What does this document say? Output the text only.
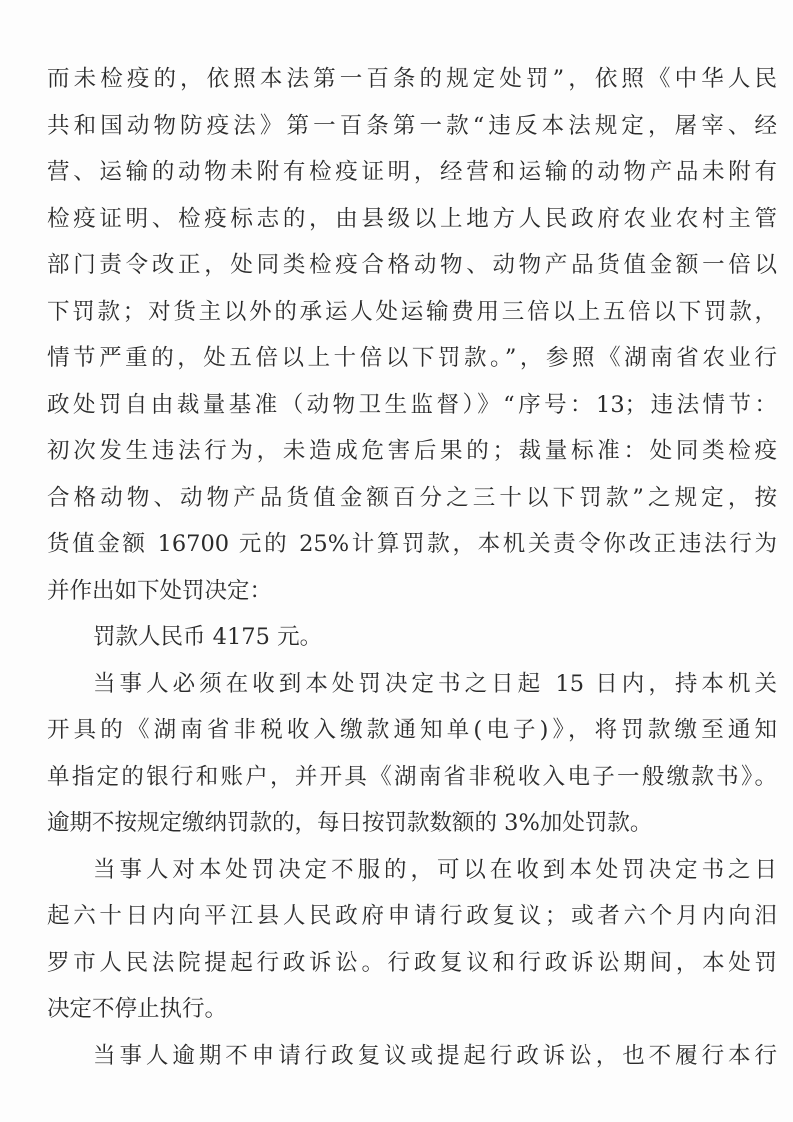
而未检疫的，依照本法第一百条的规定处罚”，依照《中华人民
共和国动物防疫法》第一百条第一款“违反本法规定，屠宰、经
营、运输的动物未附有检疫证明，经营和运输的动物产品未附有
检疫证明、检疫标志的，由县级以上地方人民政府农业农村主管
部门责令改正，处同类检疫合格动物、动物产品货值金额一倍以
下罚款；对货主以外的承运人处运输费用三倍以上五倍以下罚款，
情节严重的，处五倍以上十倍以下罚款。”，参照《湖南省农业行
政处罚自由裁量基准（动物卫生监督）》“序号：13；违法情节：
初次发生违法行为，未造成危害后果的；裁量标准：处同类检疫
合格动物、动物产品货值金额百分之三十以下罚款”之规定，按
货值金额 16700 元的 25%计算罚款，本机关责令你改正违法行为
并作出如下处罚决定：
罚款人民币 4175 元。
当事人必须在收到本处罚决定书之日起 15 日内，持本机关
开具的《湖南省非税收入缴款通知单(电子)》，将罚款缴至通知
单指定的银行和账户，并开具《湖南省非税收入电子一般缴款书》。
逾期不按规定缴纳罚款的，每日按罚款数额的 3%加处罚款。
当事人对本处罚决定不服的，可以在收到本处罚决定书之日
起六十日内向平江县人民政府申请行政复议；或者六个月内向汨
罗市人民法院提起行政诉讼。行政复议和行政诉讼期间，本处罚
决定不停止执行。
当事人逾期不申请行政复议或提起行政诉讼，也不履行本行
